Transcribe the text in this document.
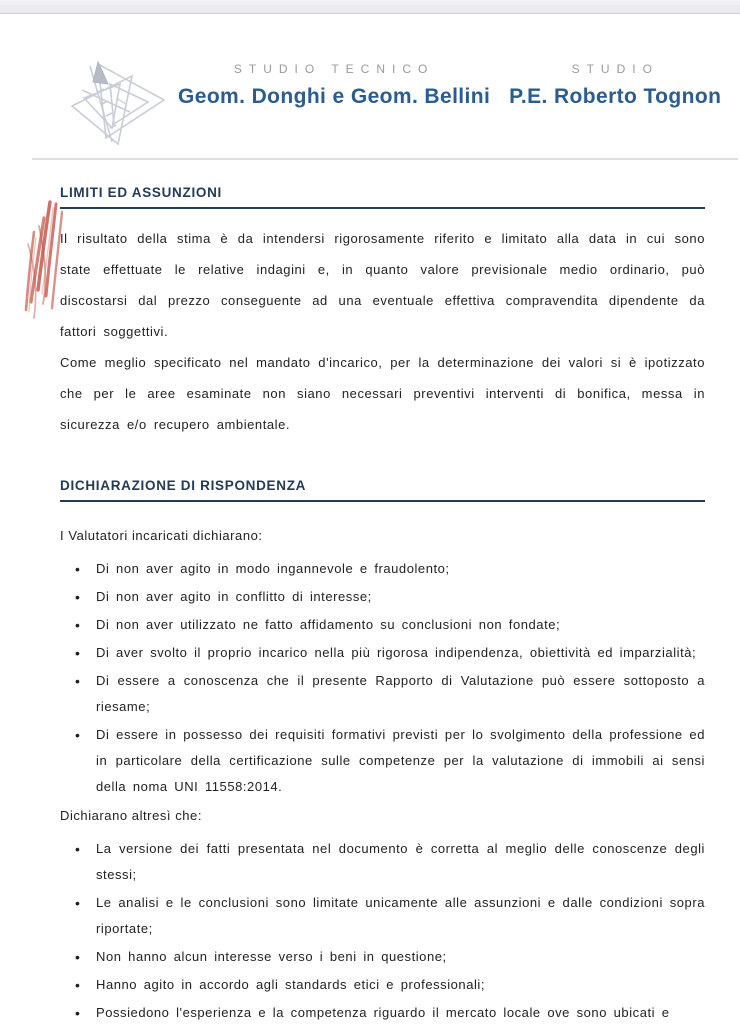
STUDIO TECNICO
Geom. Donghi e Geom. Bellini
STUDIO
P.E. Roberto Tognon
LIMITI ED ASSUNZIONI

Il risultato della stima è da intendersi rigorosamente riferito e limitato alla data in cui sono state effettuate le relative indagini e, in quanto valore previsionale medio ordinario, può discostarsi dal prezzo conseguente ad una eventuale effettiva compravendita dipendente da fattori soggettivi.

Come meglio specificato nel mandato d'incarico, per la determinazione dei valori si è ipotizzato che per le aree esaminate non siano necessari preventivi interventi di bonifica, messa in sicurezza e/o recupero ambientale.

DICHIARAZIONE DI RISPONDENZA

I Valutatori incaricati dichiarano:

• Di non aver agito in modo ingannevole e fraudolento;
• Di non aver agito in conflitto di interesse;
• Di non aver utilizzato ne fatto affidamento su conclusioni non fondate;
• Di aver svolto il proprio incarico nella più rigorosa indipendenza, obiettività ed imparzialità;
• Di essere a conoscenza che il presente Rapporto di Valutazione può essere sottoposto a riesame;
• Di essere in possesso dei requisiti formativi previsti per lo svolgimento della professione ed in particolare della certificazione sulle competenze per la valutazione di immobili ai sensi della noma UNI 11558:2014.

Dichiarano altresì che:

• La versione dei fatti presentata nel documento è corretta al meglio delle conoscenze degli stessi;
• Le analisi e le conclusioni sono limitate unicamente alle assunzioni e dalle condizioni sopra riportate;
• Non hanno alcun interesse verso i beni in questione;
• Hanno agito in accordo agli standards etici e professionali;
• Possiedono l'esperienza e la competenza riguardo il mercato locale ove sono ubicati e
